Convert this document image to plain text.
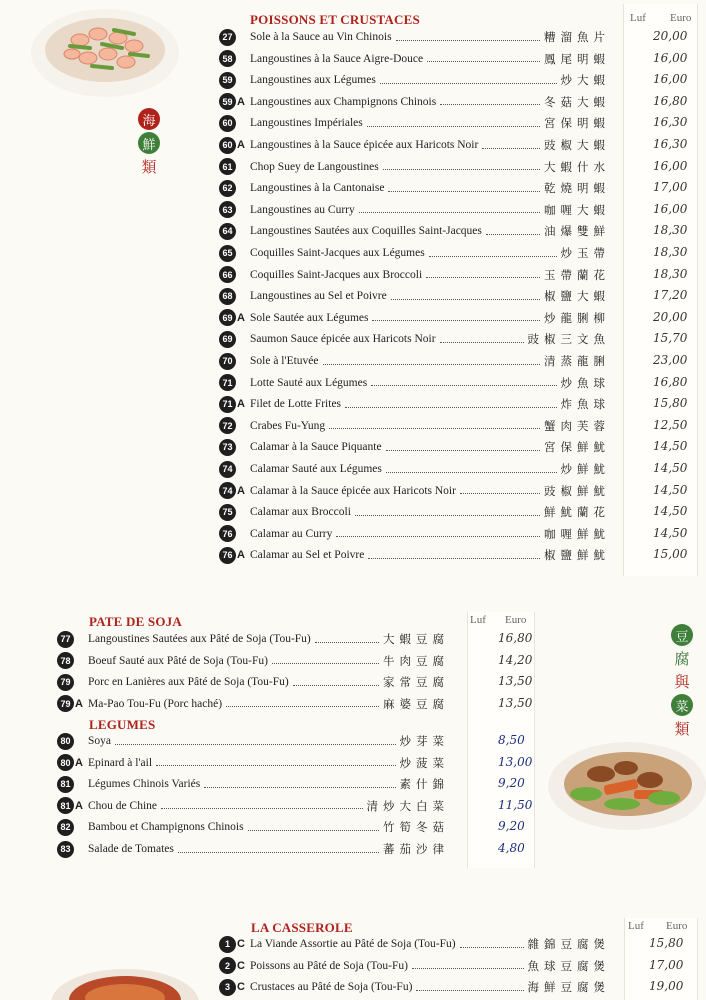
POISSONS ET CRUSTACES	Luf Euro
27	Sole à la Sauce au Vin Chinois	糟溜魚片	20,00
58	Langoustines à la Sauce Aigre-Douce	鳳尾明蝦	16,00
59	Langoustines aux Légumes	炒大蝦	16,00
59 A Langoustines aux Champignons Chinois	冬菇大蝦	16,80
60	Langoustines Impériales	宮保明蝦	16,30
60 A Langoustines à la Sauce épicée aux Haricots Noir	豉椒大蝦	16,30
61	Chop Suey de Langoustines	大蝦什水	16,00
62	Langoustines à la Cantonaise	乾燒明蝦	17,00
63	Langoustines au Curry	咖喱大蝦	16,00
64	Langoustines Sautées aux Coquilles Saint-Jacques	油爆雙鮮	18,30
65	Coquilles Saint-Jacques aux Légumes	炒玉帶	18,30
66	Coquilles Saint-Jacques aux Broccoli	玉帶蘭花	18,30
68	Langoustines au Sel et Poivre	椒鹽大蝦	17,20
69 A Sole Sautée aux Légumes	炒龍脷柳	20,00
69	Saumon Sauce épicée aux Haricots Noir	豉椒三文魚	15,70
70	Sole à l'Etuvée	清蒸龍脷	23,00
71	Lotte Sauté aux Légumes	炒魚球	16,80
71 A Filet de Lotte Frites	炸魚球	15,80
72	Crabes Fu-Yung	蟹肉芙蓉	12,50
73	Calamar à la Sauce Piquante	宮保鮮魷	14,50
74	Calamar Sauté aux Légumes	炒鮮魷	14,50
74 A Calamar à la Sauce épicée aux Haricots Noir	豉椒鮮魷	14,50
75	Calamar aux Broccoli	鮮魷蘭花	14,50
76	Calamar au Curry	咖喱鮮魷	14,50
76 A Calamar au Sel et Poivre	椒鹽鮮魷	15,00
海
鮮
類
PATE DE SOJA	Luf Euro
77	Langoustines Sautées aux Pâté de Soja (Tou-Fu)	大蝦豆腐	16,80
78	Boeuf Sauté aux Pâté de Soja (Tou-Fu)	牛肉豆腐	14,20
79	Porc en Lanières aux Pâté de Soja (Tou-Fu)	家常豆腐	13,50
79 A Ma-Pao Tou-Fu (Porc haché)	麻婆豆腐	13,50
LEGUMES
80	Soya	炒芽菜	8,50
80 A Epinard à l'ail	炒菠菜	13,00
81	Légumes Chinois Variés	素什錦	9,20
81 A Chou de Chine	清炒大白菜	11,50
82	Bambou et Champignons Chinois	竹筍冬菇	9,20
83	Salade de Tomates	蕃茄沙律	4,80
豆
腐
與
菜
類
LA CASSEROLE	Luf Euro
1 C La Viande Assortie au Pâté de Soja (Tou-Fu)	雜錦豆腐煲	15,80
2 C Poissons au Pâté de Soja (Tou-Fu)	魚球豆腐煲	17,00
3 C Crustaces au Pâté de Soja (Tou-Fu)	海鮮豆腐煲	19,00
